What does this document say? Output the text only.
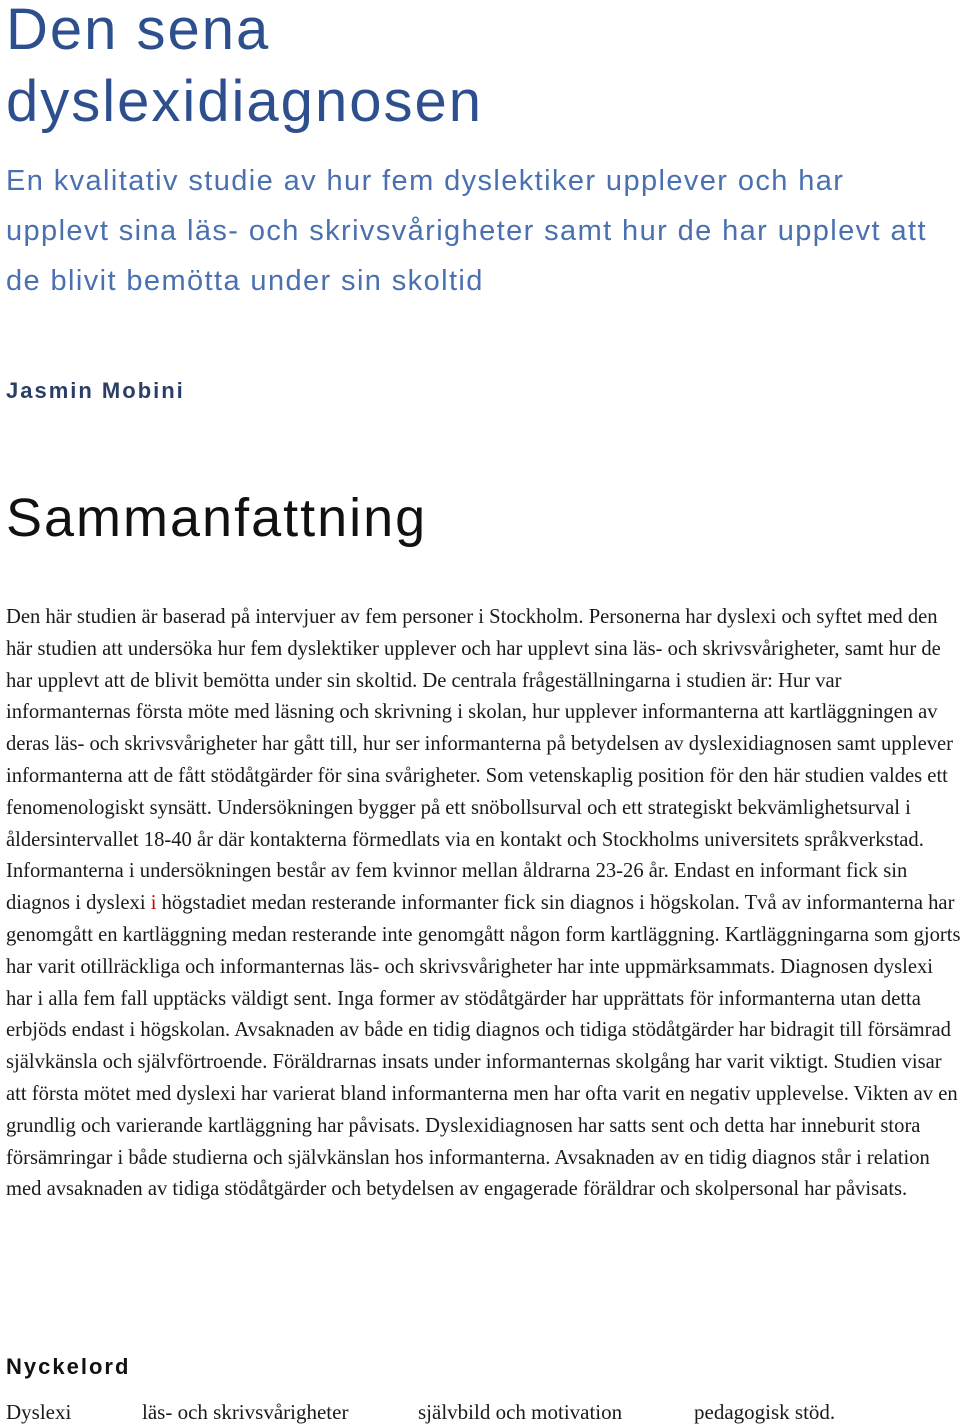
Den sena
dyslexidiagnosen

En kvalitativ studie av hur fem dyslektiker upplever och har upplevt sina läs- och skrivsvårigheter samt hur de har upplevt att de blivit bemötta under sin skoltid

Jasmin Mobini

Sammanfattning

Den här studien är baserad på intervjuer av fem personer i Stockholm. Personerna har dyslexi och syftet med den här studien att undersöka hur fem dyslektiker upplever och har upplevt sina läs- och skrivsvårigheter, samt hur de har upplevt att de blivit bemötta under sin skoltid. De centrala frågeställningarna i studien är: Hur var informanternas första möte med läsning och skrivning i skolan, hur upplever informanterna att kartläggningen av deras läs- och skrivsvårigheter har gått till, hur ser informanterna på betydelsen av dyslexidiagnosen samt upplever informanterna att de fått stödåtgärder för sina svårigheter. Som vetenskaplig position för den här studien valdes ett fenomenologiskt synsätt. Undersökningen bygger på ett snöbollsurval och ett strategiskt bekvämlighetsurval i åldersintervallet 18-40 år där kontakterna förmedlats via en kontakt och Stockholms universitets språkverkstad. Informanterna i undersökningen består av fem kvinnor mellan åldrarna 23-26 år. Endast en informant fick sin diagnos i dyslexi i högstadiet medan resterande informanter fick sin diagnos i högskolan. Två av informanterna har genomgått en kartläggning medan resterande inte genomgått någon form kartläggning. Kartläggningarna som gjorts har varit otillräckliga och informanternas läs- och skrivsvårigheter har inte uppmärksammats. Diagnosen dyslexi har i alla fem fall upptäcks väldigt sent. Inga former av stödåtgärder har upprättats för informanterna utan detta erbjöds endast i högskolan. Avsaknaden av både en tidig diagnos och tidiga stödåtgärder har bidragit till försämrad självkänsla och självförtroende. Föräldrarnas insats under informanternas skolgång har varit viktigt. Studien visar att första mötet med dyslexi har varierat bland informanterna men har ofta varit en negativ upplevelse. Vikten av en grundlig och varierande kartläggning har påvisats. Dyslexidiagnosen har satts sent och detta har inneburit stora försämringar i både studierna och självkänslan hos informanterna. Avsaknaden av en tidig diagnos står i relation med avsaknaden av tidiga stödåtgärder och betydelsen av engagerade föräldrar och skolpersonal har påvisats.

Nyckelord
Dyslexi	läs- och skrivsvårigheter	självbild och motivation	pedagogisk stöd.
